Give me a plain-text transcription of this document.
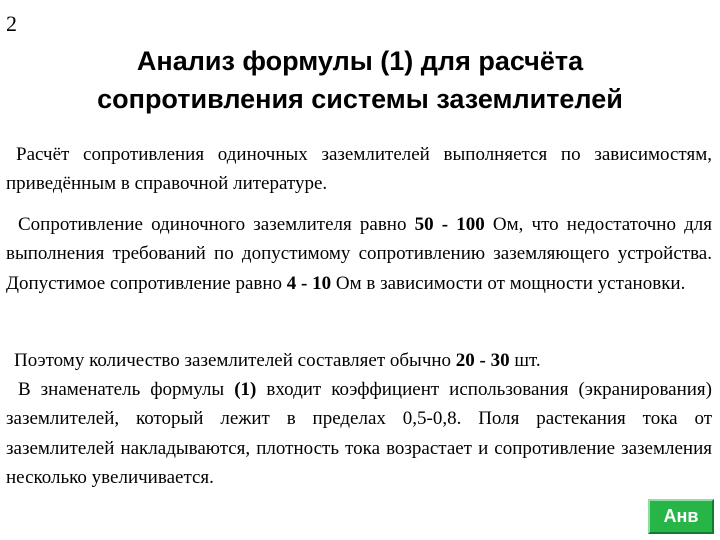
2
Анализ формулы (1) для расчёта
сопротивления системы заземлителей

Расчёт сопротивления одиночных заземлителей выполняется по зависимостям, приведённым в справочной литературе.

Сопротивление одиночного заземлителя равно 50 - 100 Ом, что недостаточно для выполнения требований по допустимому сопротивлению заземляющего устройства. Допустимое сопротивление равно 4 - 10 Ом в зависимости от мощности установки.

Поэтому количество заземлителей составляет обычно 20 - 30 шт.

В знаменатель формулы (1) входит коэффициент использования (экранирования) заземлителей, который лежит в пределах 0,5-0,8. Поля растекания тока от заземлителей накладываются, плотность тока возрастает и сопротивление заземления несколько увеличивается.

Анв
